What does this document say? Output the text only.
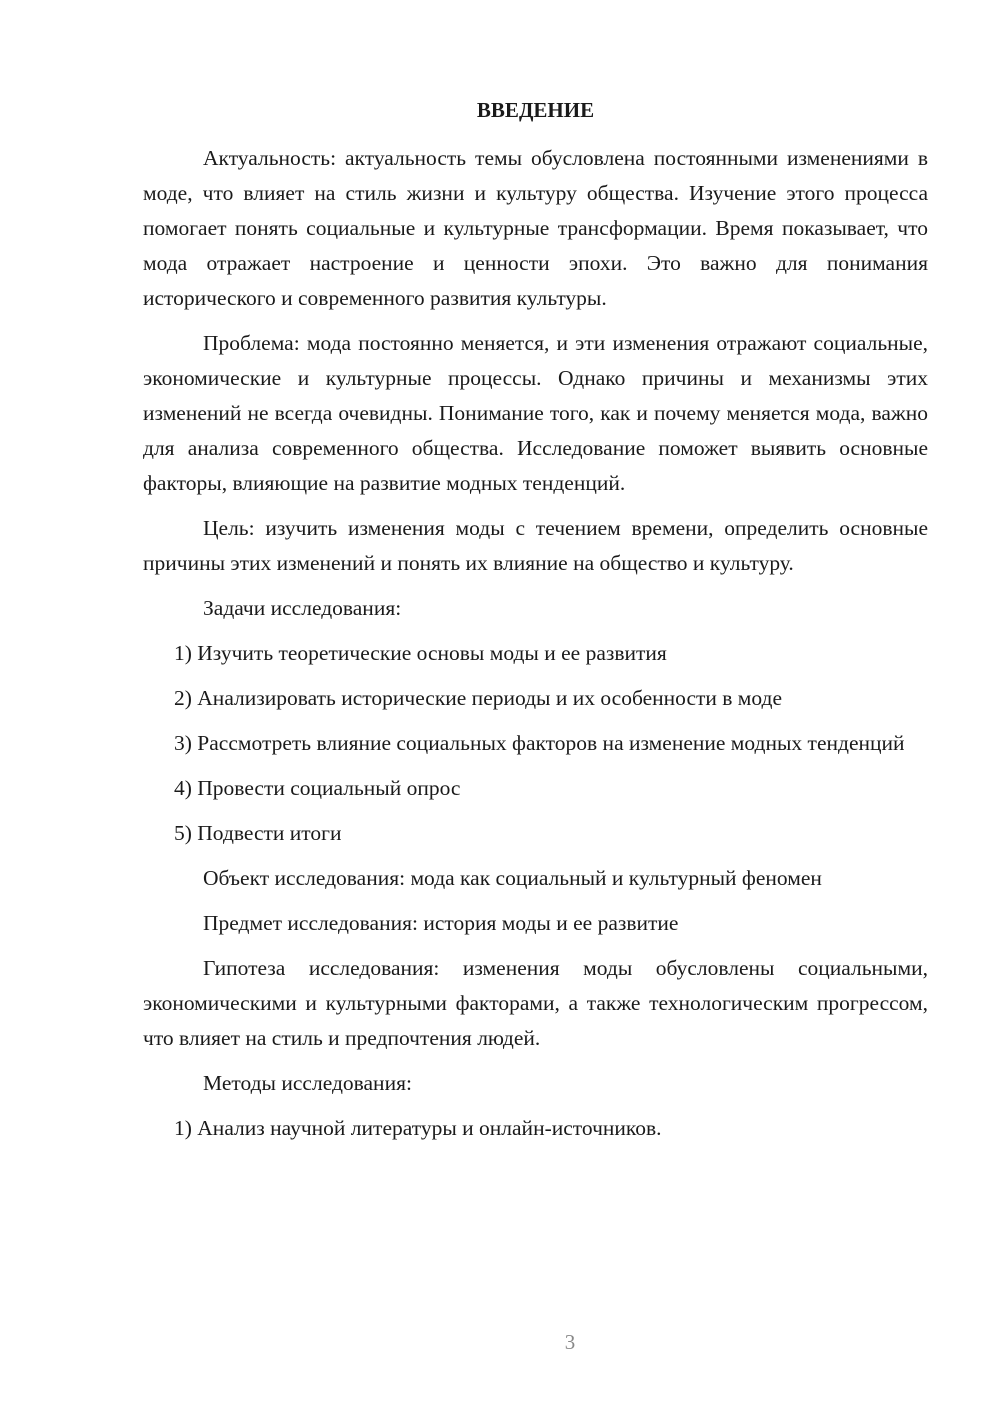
ВВЕДЕНИЕ

Актуальность: актуальность темы обусловлена постоянными изменениями в моде, что влияет на стиль жизни и культуру общества. Изучение этого процесса помогает понять социальные и культурные трансформации. Время показывает, что мода отражает настроение и ценности эпохи. Это важно для понимания исторического и современного развития культуры.

Проблема: мода постоянно меняется, и эти изменения отражают социальные, экономические и культурные процессы. Однако причины и механизмы этих изменений не всегда очевидны. Понимание того, как и почему меняется мода, важно для анализа современного общества. Исследование поможет выявить основные факторы, влияющие на развитие модных тенденций.

Цель: изучить изменения моды с течением времени, определить основные причины этих изменений и понять их влияние на общество и культуру.

Задачи исследования:

1) Изучить теоретические основы моды и ее развития

2) Анализировать исторические периоды и их особенности в моде

3) Рассмотреть влияние социальных факторов на изменение модных тенденций

4) Провести социальный опрос

5) Подвести итоги

Объект исследования: мода как социальный и культурный феномен

Предмет исследования: история моды и ее развитие

Гипотеза исследования: изменения моды обусловлены социальными, экономическими и культурными факторами, а также технологическим прогрессом, что влияет на стиль и предпочтения людей.

Методы исследования:

1) Анализ научной литературы и онлайн-источников.

3
